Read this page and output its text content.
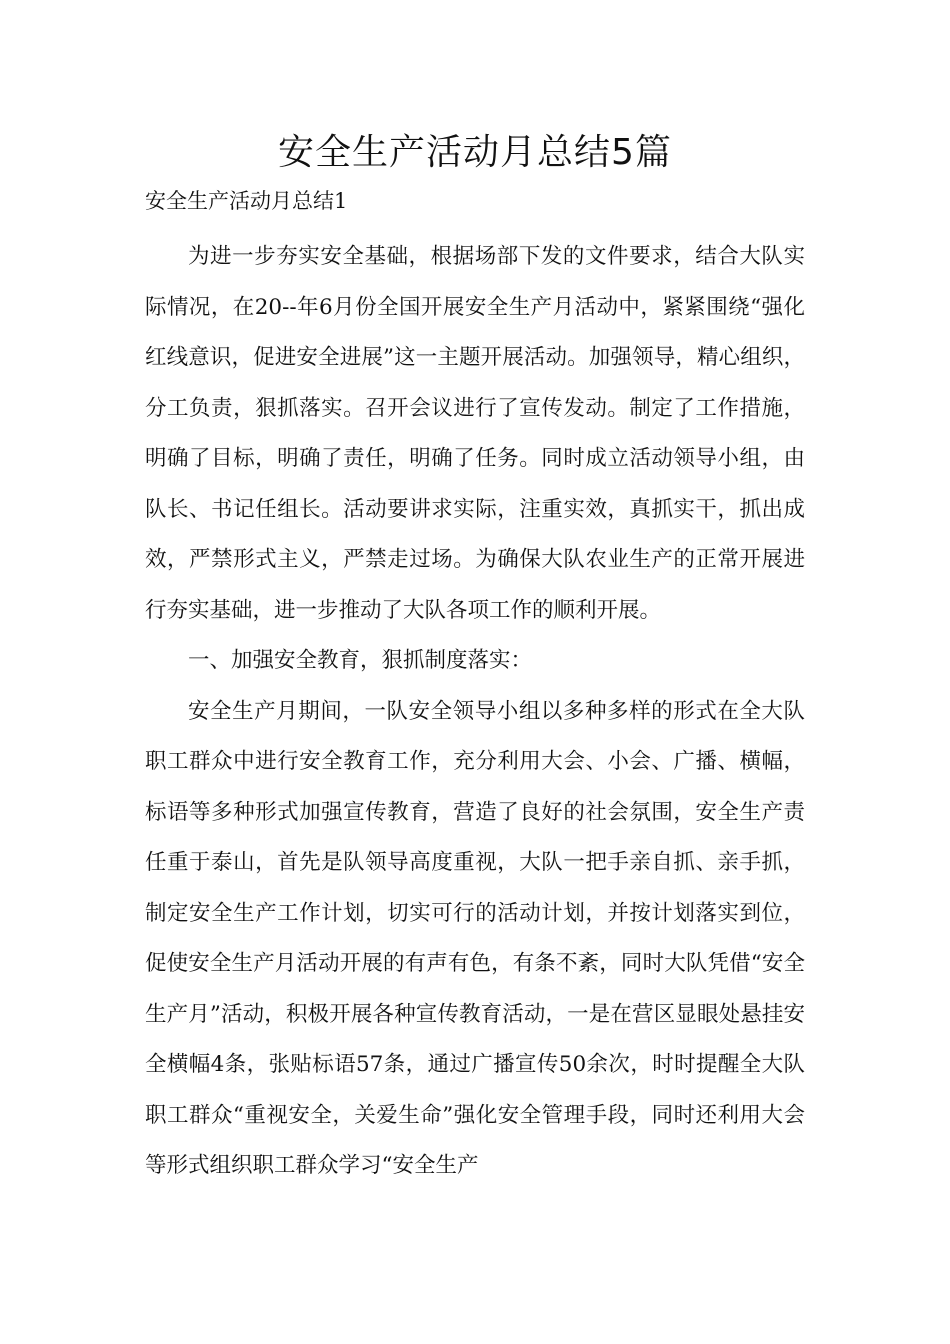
安全生产活动月总结5篇
安全生产活动月总结1

为进一步夯实安全基础，根据场部下发的文件要求，结合大队实际情况，在20--年6月份全国开展安全生产月活动中，紧紧围绕“强化红线意识，促进安全进展”这一主题开展活动。加强领导，精心组织，分工负责，狠抓落实。召开会议进行了宣传发动。制定了工作措施，明确了目标，明确了责任，明确了任务。同时成立活动领导小组，由队长、书记任组长。活动要讲求实际，注重实效，真抓实干，抓出成效，严禁形式主义，严禁走过场。为确保大队农业生产的正常开展进行夯实基础，进一步推动了大队各项工作的顺利开展。

一、加强安全教育，狠抓制度落实：

安全生产月期间，一队安全领导小组以多种多样的形式在全大队职工群众中进行安全教育工作，充分利用大会、小会、广播、横幅，标语等多种形式加强宣传教育，营造了良好的社会氛围，安全生产责任重于泰山，首先是队领导高度重视，大队一把手亲自抓、亲手抓，制定安全生产工作计划，切实可行的活动计划，并按计划落实到位，促使安全生产月活动开展的有声有色，有条不紊，同时大队凭借“安全生产月”活动，积极开展各种宣传教育活动，一是在营区显眼处悬挂安全横幅4条，张贴标语57条，通过广播宣传50余次，时时提醒全大队职工群众“重视安全，关爱生命”强化安全管理手段，同时还利用大会等形式组织职工群众学习“安全生产
